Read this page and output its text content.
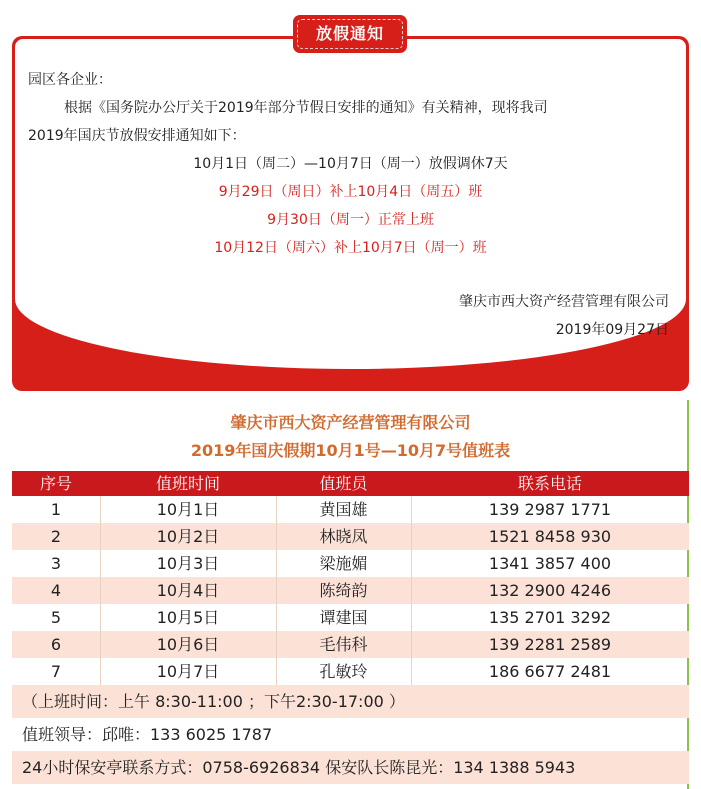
放假通知
园区各企业：
根据《国务院办公厅关于2019年部分节假日安排的通知》有关精神，现将我司
2019年国庆节放假安排通知如下：
10月1日（周二）—10月7日（周一）放假调休7天
9月29日（周日）补上10月4日（周五）班
9月30日（周一）正常上班
10月12日（周六）补上10月7日（周一）班
肇庆市西大资产经营管理有限公司
2019年09月27日
肇庆市西大资产经营管理有限公司
2019年国庆假期10月1号—10月7号值班表
序号	值班时间	值班员	联系电话
1	10月1日	黄国雄	139 2987 1771
2	10月2日	林晓凤	1521 8458 930
3	10月3日	梁施媚	1341 3857 400
4	10月4日	陈绮韵	132 2900 4246
5	10月5日	谭建国	135 2701 3292
6	10月6日	毛伟科	139 2281 2589
7	10月7日	孔敏玲	186 6677 2481
（上班时间：上午 8:30-11:00 ；下午2:30-17:00 ）
值班领导：邱唯：133 6025 1787
24小时保安亭联系方式：0758-6926834 保安队长陈昆光：134 1388 5943
